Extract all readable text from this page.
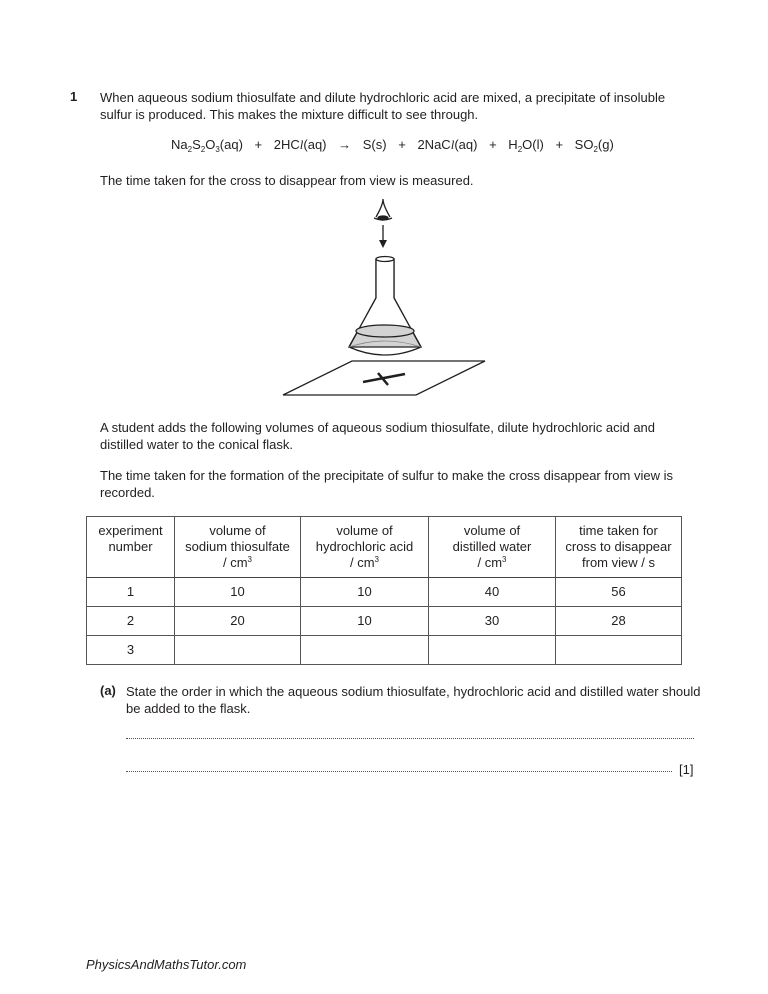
1 When aqueous sodium thiosulfate and dilute hydrochloric acid are mixed, a precipitate of insoluble sulfur is produced. This makes the mixture difficult to see through.
$Na_2S_2O_3(aq) + 2HCl(aq) \to S(s)$ + 2NaCl(aq) + $H_2O(l) + SO_2(g)$
The time taken for the cross to disappear from view is measured.
A student adds the following volumes of aqueous sodium thiosulfate, dilute hydrochloric acid and distilled water to the conical flask.
The time taken for the formation of the precipitate of sulfur to make the cross disappear from view is recorded.
experiment
number	volume of
sodium thiosulfate
/ $cm^3$	volume of
hydrochloric acid
/ $cm^3$	volume of
distilled water
/ $cm^3$	time taken for
cross to disappear
from view / s
1	10	10	40	56
2	20	10	30	28
3				
(a) State the order in which the aqueous sodium thiosulfate, hydrochloric acid and distilled water should be added to the flask.
[1]
PhysicsAndMathsTutor.com
